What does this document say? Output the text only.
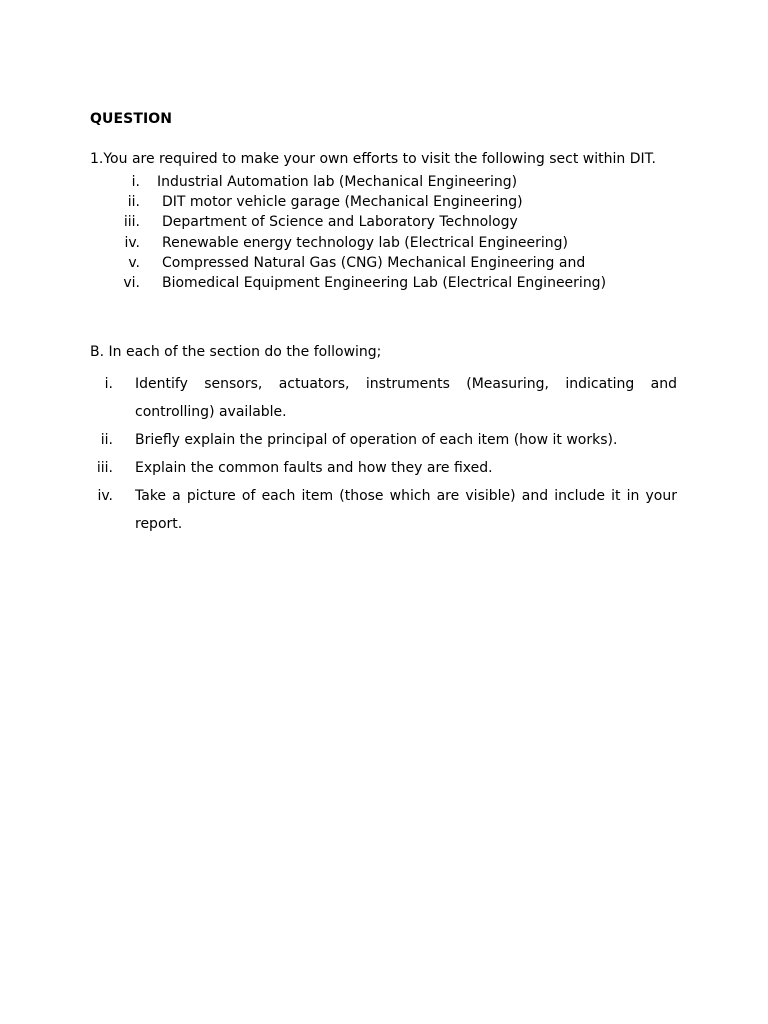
QUESTION
1.You are required to make your own efforts to visit the following sect within DIT.
i. Industrial Automation lab (Mechanical Engineering)
ii. DIT motor vehicle garage (Mechanical Engineering)
iii. Department of Science and Laboratory Technology
iv. Renewable energy technology lab (Electrical Engineering)
v. Compressed Natural Gas (CNG) Mechanical Engineering and
vi. Biomedical Equipment Engineering Lab (Electrical Engineering)
B. In each of the section do the following;
i. Identify sensors, actuators, instruments (Measuring, indicating and controlling) available.
ii. Briefly explain the principal of operation of each item (how it works).
iii. Explain the common faults and how they are fixed.
iv. Take a picture of each item (those which are visible) and include it in your report.
